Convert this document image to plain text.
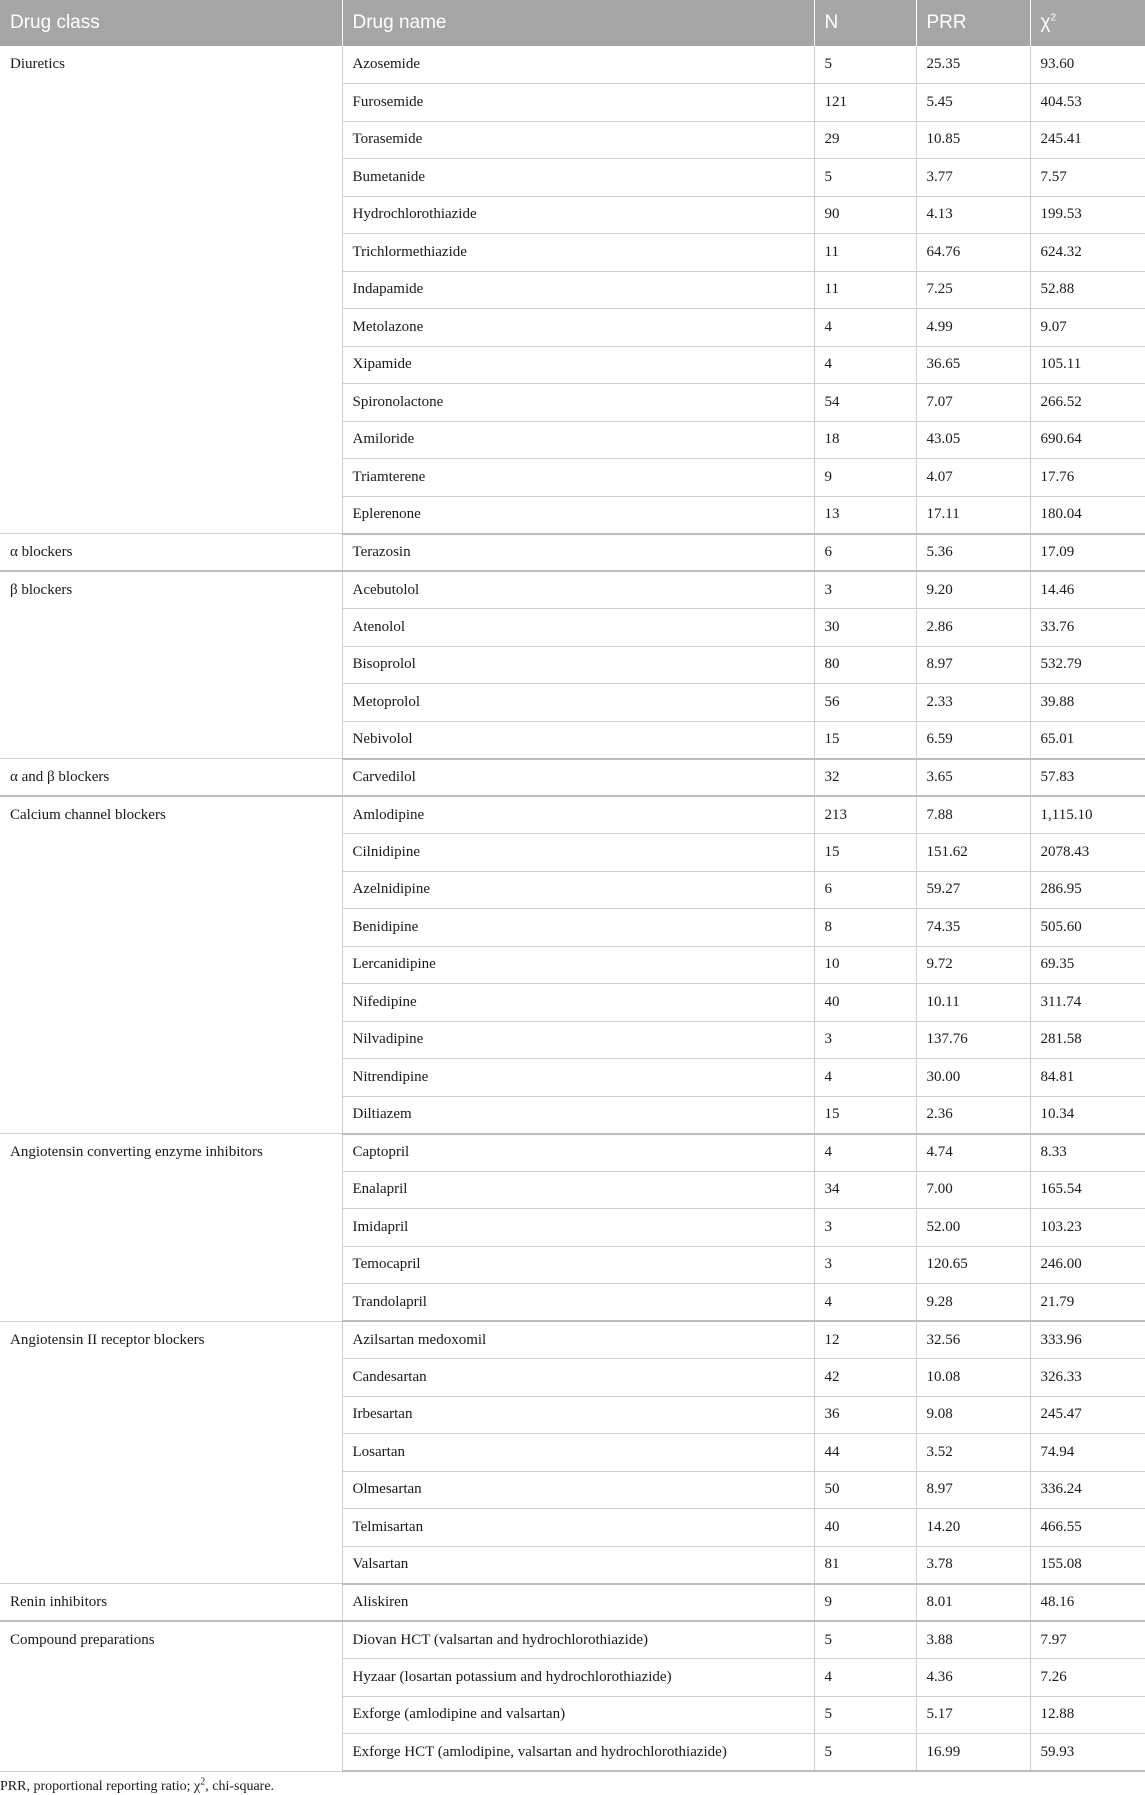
Drug class	Drug name	N	PRR	$\chi^2$
Diuretics	Azosemide	5	25.35	93.60
	Furosemide	121	5.45	404.53
	Torasemide	29	10.85	245.41
	Bumetanide	5	3.77	7.57
	Hydrochlorothiazide	90	4.13	199.53
	Trichlormethiazide	11	64.76	624.32
	Indapamide	11	7.25	52.88
	Metolazone	4	4.99	9.07
	Xipamide	4	36.65	105.11
	Spironolactone	54	7.07	266.52
	Amiloride	18	43.05	690.64
	Triamterene	9	4.07	17.76
	Eplerenone	13	17.11	180.04
α blockers	Terazosin	6	5.36	17.09
β blockers	Acebutolol	3	9.20	14.46
	Atenolol	30	2.86	33.76
	Bisoprolol	80	8.97	532.79
	Metoprolol	56	2.33	39.88
	Nebivolol	15	6.59	65.01
α and β blockers	Carvedilol	32	3.65	57.83
Calcium channel blockers	Amlodipine	213	7.88	1,115.10
	Cilnidipine	15	151.62	2078.43
	Azelnidipine	6	59.27	286.95
	Benidipine	8	74.35	505.60
	Lercanidipine	10	9.72	69.35
	Nifedipine	40	10.11	311.74
	Nilvadipine	3	137.76	281.58
	Nitrendipine	4	30.00	84.81
	Diltiazem	15	2.36	10.34
Angiotensin converting enzyme inhibitors	Captopril	4	4.74	8.33
	Enalapril	34	7.00	165.54
	Imidapril	3	52.00	103.23
	Temocapril	3	120.65	246.00
	Trandolapril	4	9.28	21.79
Angiotensin II receptor blockers	Azilsartan medoxomil	12	32.56	333.96
	Candesartan	42	10.08	326.33
	Irbesartan	36	9.08	245.47
	Losartan	44	3.52	74.94
	Olmesartan	50	8.97	336.24
	Telmisartan	40	14.20	466.55
	Valsartan	81	3.78	155.08
Renin inhibitors	Aliskiren	9	8.01	48.16
Compound preparations	Diovan HCT (valsartan and hydrochlorothiazide)	5	3.88	7.97
	Hyzaar (losartan potassium and hydrochlorothiazide)	4	4.36	7.26
	Exforge (amlodipine and valsartan)	5	5.17	12.88
	Exforge HCT (amlodipine, valsartan and hydrochlorothiazide)	5	16.99	59.93

PRR, proportional reporting ratio; $\chi^2$, chi-square.
